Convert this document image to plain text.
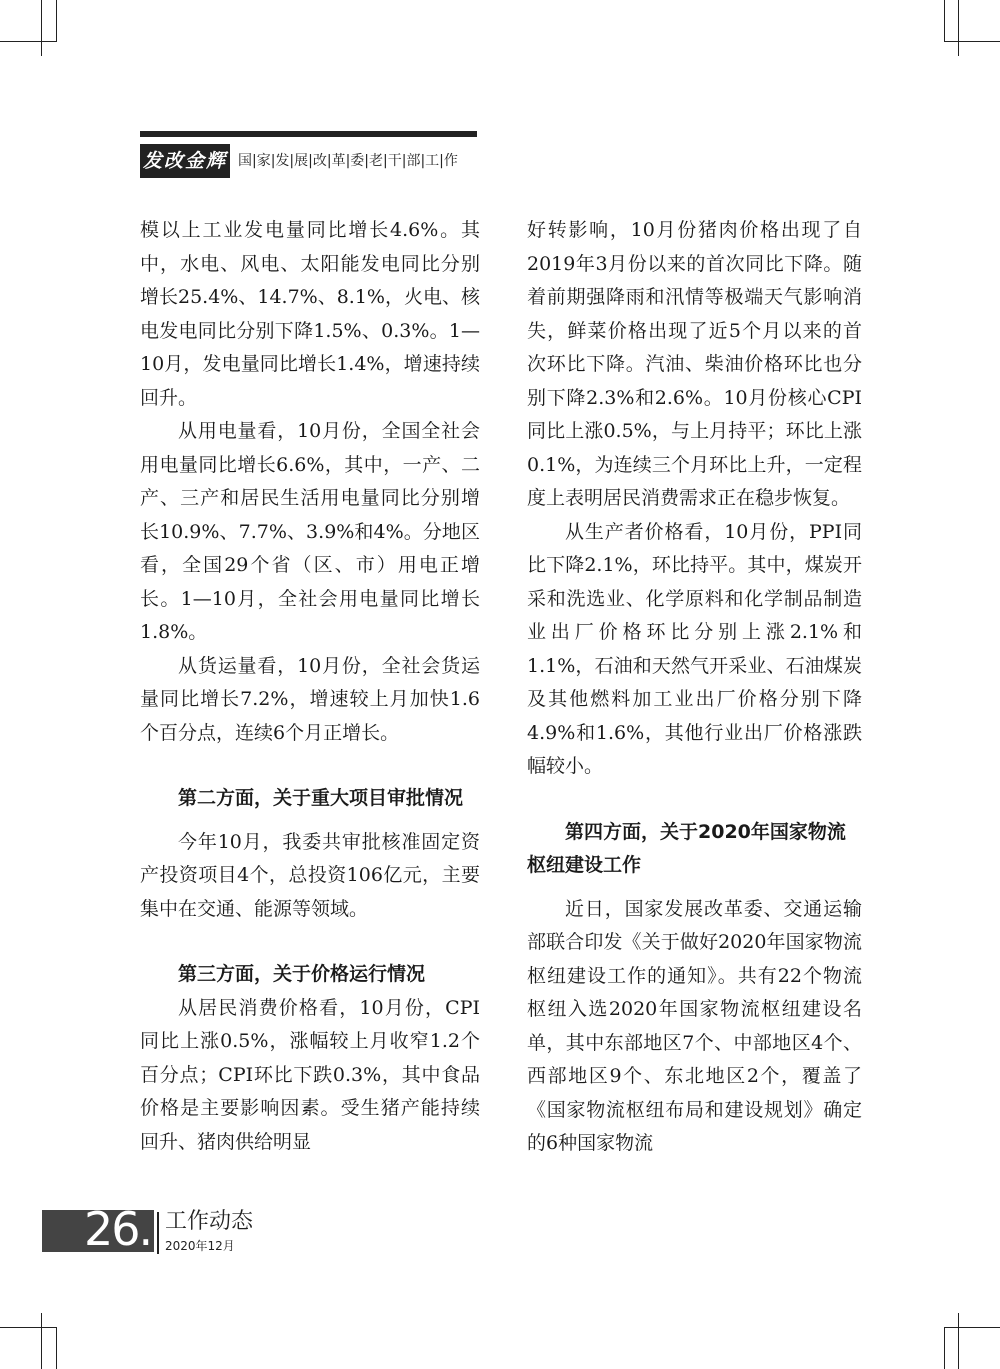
发改金辉 国|家|发|展|改|革|委|老|干|部|工|作

模以上工业发电量同比增长4.6%。其中，水电、风电、太阳能发电同比分别增长25.4%、14.7%、8.1%，火电、核电发电同比分别下降1.5%、0.3%。1—10月，发电量同比增长1.4%，增速持续回升。

从用电量看，10月份，全国全社会用电量同比增长6.6%，其中，一产、二产、三产和居民生活用电量同比分别增长10.9%、7.7%、3.9%和4%。分地区看，全国29个省（区、市）用电正增长。1—10月，全社会用电量同比增长1.8%。

从货运量看，10月份，全社会货运量同比增长7.2%，增速较上月加快1.6个百分点，连续6个月正增长。

第二方面，关于重大项目审批情况

今年10月，我委共审批核准固定资产投资项目4个，总投资106亿元，主要集中在交通、能源等领域。

第三方面，关于价格运行情况

从居民消费价格看，10月份，CPI同比上涨0.5%，涨幅较上月收窄1.2个百分点；CPI环比下跌0.3%，其中食品价格是主要影响因素。受生猪产能持续回升、猪肉供给明显

好转影响，10月份猪肉价格出现了自2019年3月份以来的首次同比下降。随着前期强降雨和汛情等极端天气影响消失，鲜菜价格出现了近5个月以来的首次环比下降。汽油、柴油价格环比也分别下降2.3%和2.6%。10月份核心CPI同比上涨0.5%，与上月持平；环比上涨0.1%，为连续三个月环比上升，一定程度上表明居民消费需求正在稳步恢复。

从生产者价格看，10月份，PPI同比下降2.1%，环比持平。其中，煤炭开采和洗选业、化学原料和化学制品制造业出厂价格环比分别上涨2.1%和1.1%，石油和天然气开采业、石油煤炭及其他燃料加工业出厂价格分别下降4.9%和1.6%，其他行业出厂价格涨跌幅较小。

第四方面，关于2020年国家物流枢纽建设工作

近日，国家发展改革委、交通运输部联合印发《关于做好2020年国家物流枢纽建设工作的通知》。共有22个物流枢纽入选2020年国家物流枢纽建设名单，其中东部地区7个、中部地区4个、西部地区9个、东北地区2个，覆盖了《国家物流枢纽布局和建设规划》确定的6种国家物流

26. 工作动态
2020年12月
